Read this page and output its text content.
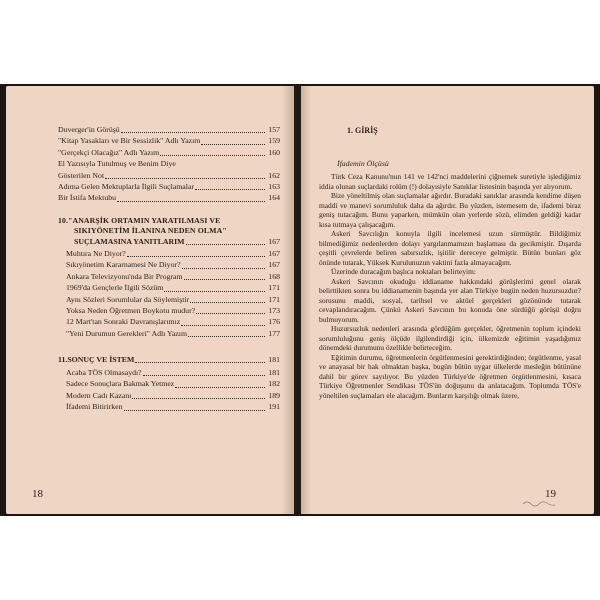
Duverger'in Görüşü	157
"Kitap Yasakları ve Bir Sessizlik" Adlı Yazım	159
"Gerçekçi Olacağız" Adlı Yazım	160
El Yazısıyla Tutulmuş ve Benim Diye
Gösterilen Not	162
Adıma Gelen Mektuplarla İlgili Suçlamalar	163
Bir İstifa Mektubu	164
10."ANARŞİK ORTAMIN YARATILMASI VE
SIKIYÖNETİM İLANINA NEDEN OLMA"
SUÇLAMASINA YANITLARIM	167
Muhtıra Ne Diyor?	167
Sıkıyönetim Kararnamesi Ne Diyor?	167
Ankara Televizyonu'nda Bir Program	168
1969'da Gençlerle İlgili Sözüm	171
Aynı Sözleri Sorumlular da Söylemiştir	171
Yoksa Neden Öğretmen Boykotu mudur?	173
12 Mart'tan Sonraki Davranışlarımız	176
"Yeni Durumun Gerekleri" Adlı Yazım	177
11.SONUÇ VE İSTEM	181
Acaba TÖS Olmasaydı?	181
Sadece Sonuçlara Bakmak Yetmez	182
Modern Cadı Kazanı	189
İfademi Bitirirken	191
18
1. GİRİŞ
İfademin Ölçüsü

Türk Ceza Kanunu'nun 141 ve 142'nci maddelerini çiğnemek suretiyle işlediğimiz iddia olunan suçlardaki rolüm (!) dolayısiyle Sanıklar listesinin başında yer alıyorum.

Bize yöneltilmiş olan suçlamalar ağırdır. Buradaki sanıklar arasında kendime düşen maddi ve manevi sorumluluk daha da ağırdır. Bu yüzden, istemesem de, ifademi biraz geniş tutacağım. Bunu yaparken, mümkün olan yerlerde sözü, elimden geldiği kadar kısa tutmaya çalışacağım.

Askeri Savcılığın konuyla ilgili incelemesi uzun sürmüştür. Bildiğimiz bilmediğimiz nedenlerden dolayı yargılanmamızın başlaması da gecikmiştir. Dışarda çeşitli çevrelerde beliren sabırsızlık, işitilir dereceye gelmiştir. Bütün bunları göz önünde tutarak, Yüksek Kurulunuzun vaktini fazla almayacağım.

Üzerinde duracağım başlıca noktaları belirteyim:

Askeri Savcının okuduğu iddianame hakkındaki görüşlerimi genel olarak belirttikten sonra bu iddianamenin başında yer alan Türkiye bugün neden huzursuzdur? sorusunu maddi, sosyal, tarihsel ve aktüel gerçekleri gözönünde tutarak cevaplandıracağım. Çünkü Askeri Savcının bu konuda öne sürdüğü görüşü doğru bulmuyorum.

Huzursuzluk nedenleri arasında gördüğüm gerçekler, öğretmenin toplum içindeki sorumluluğunu geniş ölçüde ilgilendirdiği için, ülkemizde eğitimin yaşadığımız dönemdeki durumunu özellikle belirteceğim.

Eğitimin durumu, öğretmenlerin örgütlenmesini gerektirdiğinden; örgütlenme, yasal ve anayasal bir hak olmaktan başka, bugün bütün uygar ülkelerde mesleğin bütününe dahil bir görev sayılıyor. Bu yüzden Türkiye'de öğretmen örgütlenmesini, kısaca Türkiye Öğretmenler Sendikası TÖS'ün doğuşunu da anlatacağım. Toplumda TÖS'e yöneltilen suçlamaları ele alacağım. Bunların karşılığı olmak üzere,

19
